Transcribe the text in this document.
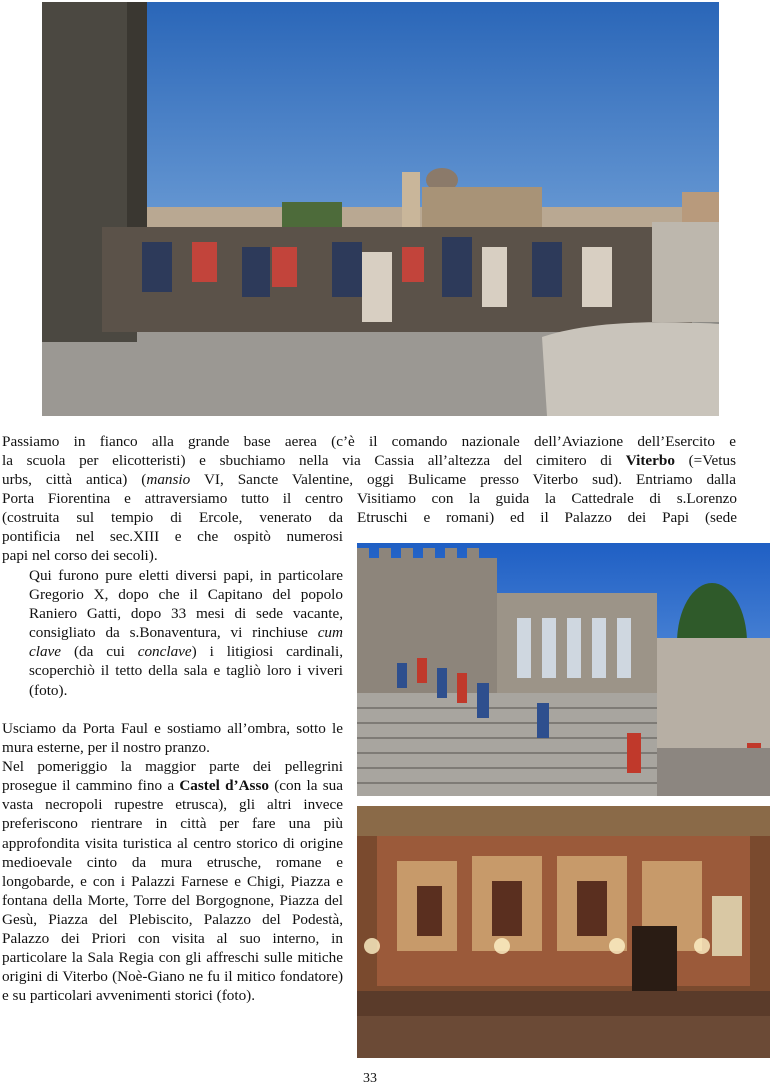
Passiamo in fianco alla grande base aerea (c’è il comando nazionale dell’Aviazione dell’Esercito e
la scuola per elicotteristi) e sbuchiamo nella via Cassia all’altezza del cimitero di Viterbo (=Vetus
urbs, città antica) (mansio VI, Sancte Valentine, oggi Bulicame presso Viterbo sud). Entriamo dalla
Porta Fiorentina e attraversiamo tutto il centro
(costruita sul tempio di Ercole, venerato da
pontificia nel sec.XIII e che ospitò numerosi
papi nel corso dei secoli).
Visitiamo con la guida la Cattedrale di s.Lorenzo
Etruschi e romani) ed il Palazzo dei Papi (sede

Qui furono pure eletti diversi papi, in particolare Gregorio X, dopo che il Capitano del popolo Raniero Gatti, dopo 33 mesi di sede vacante, consigliato da s.Bonaventura, vi rinchiuse cum clave (da cui conclave) i litigiosi cardinali, scoperchiò il tetto della sala e tagliò loro i viveri (foto).

Usciamo da Porta Faul e sostiamo all’ombra, sotto le mura esterne, per il nostro pranzo.

Nel pomeriggio la maggior parte dei pellegrini prosegue il cammino fino a Castel d’Asso (con la sua vasta necropoli rupestre etrusca), gli altri invece preferiscono rientrare in città per fare una più approfondita visita turistica al centro storico di origine medioevale cinto da mura etrusche, romane e longobarde, e con i Palazzi Farnese e Chigi, Piazza e fontana della Morte, Torre del Borgognone, Piazza del Gesù, Piazza del Plebiscito, Palazzo del Podestà, Palazzo dei Priori con visita al suo interno, in particolare la Sala Regia con gli affreschi sulle mitiche origini di Viterbo (Noè-Giano ne fu il mitico fondatore) e su particolari avvenimenti storici (foto).

33
